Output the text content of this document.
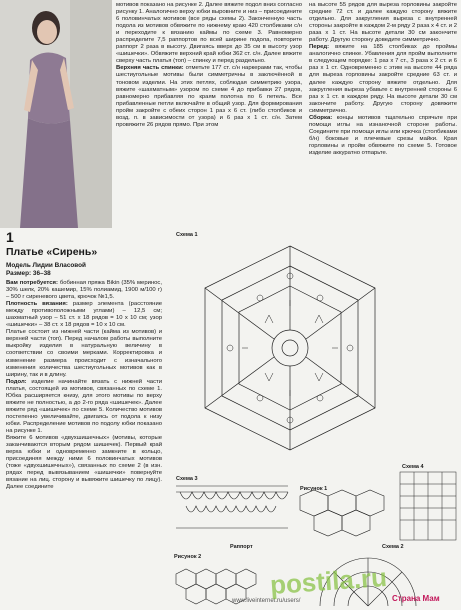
1
Платье «Сирень»
Модель Лидии Власовой
Размер: 36–38

Вам потребуется: бобинная пряжа Bikin (35% мериноc, 30% шелк, 20% кашемир, 15% полиамид, 1900 м/100 г) – 500 г сиреневого цвета, крючок №1,5.

Плотность вязания: размер элемента (расстояние между противоположными углами) – 12,5 см; шахматный узор – 51 ст. х 18 рядов = 10 х 10 см; узор «шишечки» – 38 ст. х 18 рядов = 10 х 10 см.

Платье состоит из нижней части (кайма из мотивов) и верхней части (топ). Перед началом работы выполните выкройку изделия в натуральную величину в соответствии со своими мерками. Корректировка и изменение размера происходит с изначального изменения количества шестиугольных мотивов как в ширину, так и в длину.

Подол: изделие начинайте вязать с нижней части платья, состоящей из мотивов, связанных по схеме 1. Юбка расширяется книзу, для этого мотивы по верху вяжите не полностью, а до 2-го ряда «шишечек». Далее вяжите ряд «шишечек» по схеме 5. Количество мотивов постепенно увеличивайте, двигаясь от подола к низу юбки. Распределение мотивов по подолу юбки показано на рисунке 1.

Вяжите 6 мотивов «двухшишечных» (мотивы, которые заканчиваются вторым рядом шишечек). Первый край верха юбки и одновременно замкните в кольцо, присоединяя между ними 6 половинчатых мотивов (тоже «двухшишечных»), связанных по схеме 2 (в изн. рядах перед вывязыванием «шишечки» повернуйте вязание на лиц. сторону и вывяжите шишечку по лицу). Далее соедините

мотивов показано на рисунке 2. Далее вяжите подол вниз согласно рисунку 1. Аналогично верху юбки выровните и низ – присоедините 6 половинчатых мотивов (все ряды схемы 2). Законченную часть подола из мотивов обвяжите по нижнему краю 420 столбиками с/н и переходите к вязанию каймы по схеме 3. Равномерно распределите 7,5 раппортов по всей ширине подола, повторите раппорт 2 раза в высоту. Двигаясь вверх до 35 см в высоту узор «шишечки». Обвяжите верхний край юбки 362 ст. с/н. Далее вяжите сверху часть платья (топ) – спинку и перед раздельно.

Верхняя часть спинки: отметьте 177 ст. с/н наркерами так, чтобы шестиугольные мотивы были симметричны в заключённой в тоновом изделии. На этих петлях, соблюдая симметрию узора, вяжите «шахматным» узором по схеме 4 до прибавки 27 рядов, равномерно прибавляя по краям полотна по 6 петель. Все прибавленные петли включайте в общий узор. Для формирования пройм закройте с обеих сторон 1 раз х 6 ст. (либо столбиков и возд. п. в зависимости от узора) и 6 раз х 1 ст. с/н. Затем провяжите 26 рядов прямо. При этом

на высоте 55 рядов для выреза горловины закройте средние 72 ст. и далее каждую сторону вяжите отдельно. Для закругления выреза с внутренней стороны закройте в каждом 2-м ряду 2 раза х 4 ст. и 2 раза х 1 ст. На высоте детали 30 см закончите работу. Другую сторону доведите симметрично.

Перед: вяжите на 185 столбиках до проймы аналогично спинке. Убавления для пройм выполните в следующем порядке: 1 раз х 7 ст., 3 раза х 2 ст. и 6 раз х 1 ст. Одновременно с этим на высоте 44 ряда для выреза горловины закройте средние 63 ст. и далее каждую сторону вяжите отдельно. Для закругления выреза убавьте с внутренней стороны 6 раз х 1 ст. в каждом ряду. На высоте детали 30 см закончите работу. Другую сторону довяжите симметрично.

Сборка: концы мотивов тщательно спрячьте при помощи иглы на изнаночной стороне работы. Соедините при помощи иглы или крючка (столбиками б/н) боковые и плечевые срезы майки. Края горловины и пройм обвяжите по схеме 5. Готовое изделие аккуратно отпарьте.

Схема 1
Схема 3
Схема 4
Рисунок 1
Рисунок 2
Раппорт	Схема 2
www.liveinternet.ru/users/
postila.ru Страна Мам
